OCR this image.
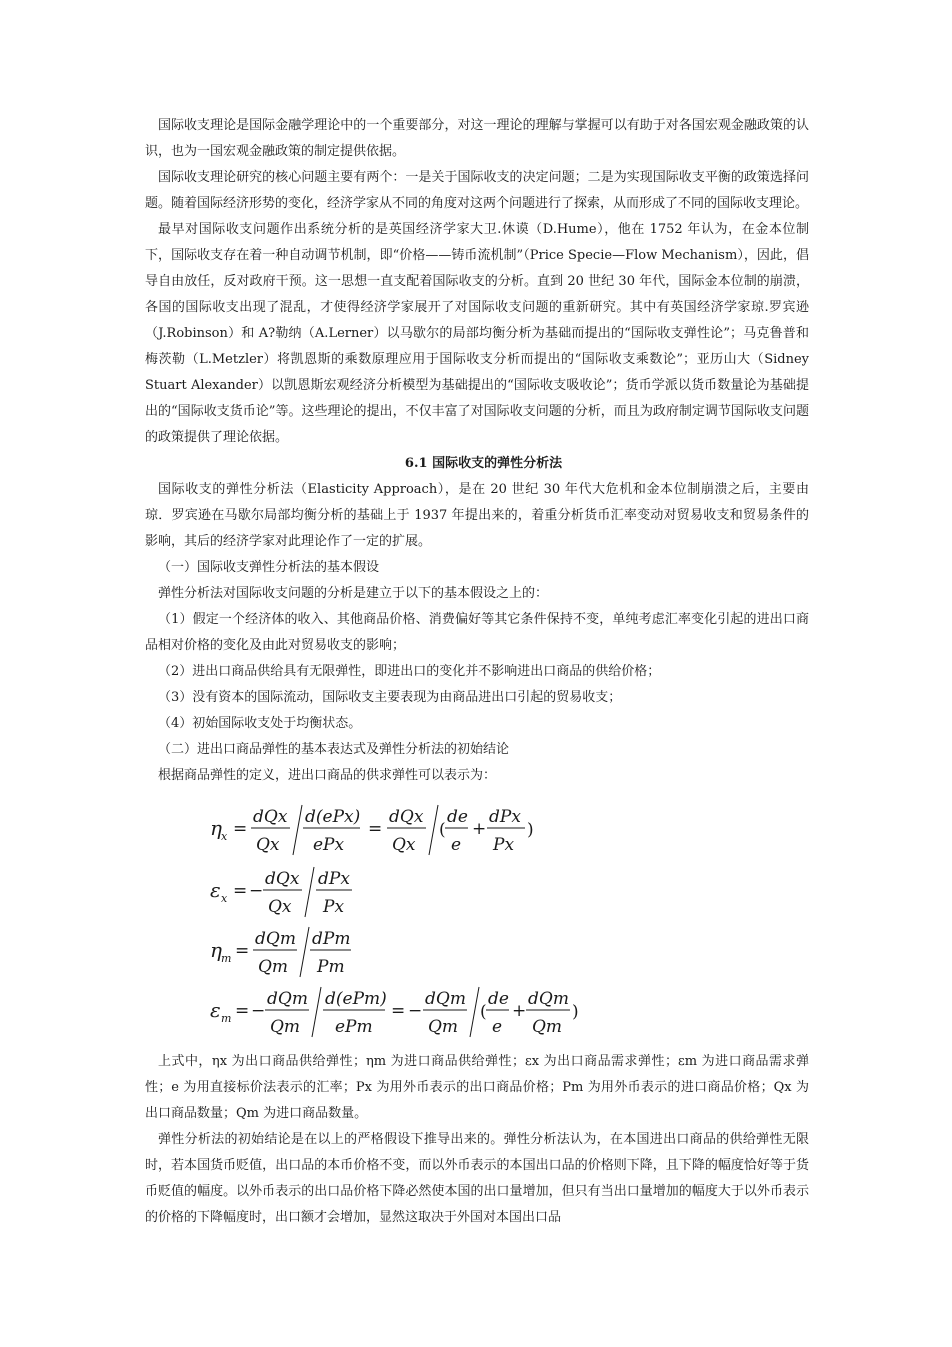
国际收支理论是国际金融学理论中的一个重要部分，对这一理论的理解与掌握可以有助于对各国宏观金融政策的认识，也为一国宏观金融政策的制定提供依据。

国际收支理论研究的核心问题主要有两个：一是关于国际收支的决定问题；二是为实现国际收支平衡的政策选择问题。随着国际经济形势的变化，经济学家从不同的角度对这两个问题进行了探索，从而形成了不同的国际收支理论。

最早对国际收支问题作出系统分析的是英国经济学家大卫.休谟（D.Hume），他在 1752 年认为，在金本位制下，国际收支存在着一种自动调节机制，即“价格——铸币流机制”（Price Specie—Flow Mechanism），因此，倡导自由放任，反对政府干预。这一思想一直支配着国际收支的分析。直到 20 世纪 30 年代，国际金本位制的崩溃，各国的国际收支出现了混乱，才使得经济学家展开了对国际收支问题的重新研究。其中有英国经济学家琼.罗宾逊（J.Robinson）和 A?勒纳（A.Lerner）以马歇尔的局部均衡分析为基础而提出的“国际收支弹性论”；马克鲁普和梅茨勒（L.Metzler）将凯恩斯的乘数原理应用于国际收支分析而提出的“国际收支乘数论”；亚历山大（Sidney Stuart Alexander）以凯恩斯宏观经济分析模型为基础提出的“国际收支吸收论”；货币学派以货币数量论为基础提出的“国际收支货币论”等。这些理论的提出，不仅丰富了对国际收支问题的分析，而且为政府制定调节国际收支问题的政策提供了理论依据。

6.1 国际收支的弹性分析法

国际收支的弹性分析法（Elasticity Approach），是在 20 世纪 30 年代大危机和金本位制崩溃之后，主要由琼．罗宾逊在马歇尔局部均衡分析的基础上于 1937 年提出来的，着重分析货币汇率变动对贸易收支和贸易条件的影响，其后的经济学家对此理论作了一定的扩展。

（一）国际收支弹性分析法的基本假设

弹性分析法对国际收支问题的分析是建立于以下的基本假设之上的：

（1）假定一个经济体的收入、其他商品价格、消费偏好等其它条件保持不变，单纯考虑汇率变化引起的进出口商品相对价格的变化及由此对贸易收支的影响；

（2）进出口商品供给具有无限弹性，即进出口的变化并不影响进出口商品的供给价格；

（3）没有资本的国际流动，国际收支主要表现为由商品进出口引起的贸易收支；

（4）初始国际收支处于均衡状态。

（二）进出口商品弹性的基本表达式及弹性分析法的初始结论

根据商品弹性的定义，进出口商品的供求弹性可以表示为：

η x =
dQx
Qx
d(ePx)
ePx
=
dQx
Qx
(
de
e
+
dPx
Px
)
ε x = −
dQx
Qx
dPx
Px
η m =
dQm
Qm
dPm
Pm
ε m = −
dQm
Qm
d(ePm)
ePm
= −
dQm
Qm
(
de
e
+
dQm
Qm
)

上式中，ηx 为出口商品供给弹性；ηm 为进口商品供给弹性；εx 为出口商品需求弹性；εm 为进口商品需求弹性；e 为用直接标价法表示的汇率；Px 为用外币表示的出口商品价格；Pm 为用外币表示的进口商品价格；Qx 为出口商品数量；Qm 为进口商品数量。

弹性分析法的初始结论是在以上的严格假设下推导出来的。弹性分析法认为，在本国进出口商品的供给弹性无限时，若本国货币贬值，出口品的本币价格不变，而以外币表示的本国出口品的价格则下降，且下降的幅度恰好等于货币贬值的幅度。以外币表示的出口品价格下降必然使本国的出口量增加，但只有当出口量增加的幅度大于以外币表示的价格的下降幅度时，出口额才会增加，显然这取决于外国对本国出口品
